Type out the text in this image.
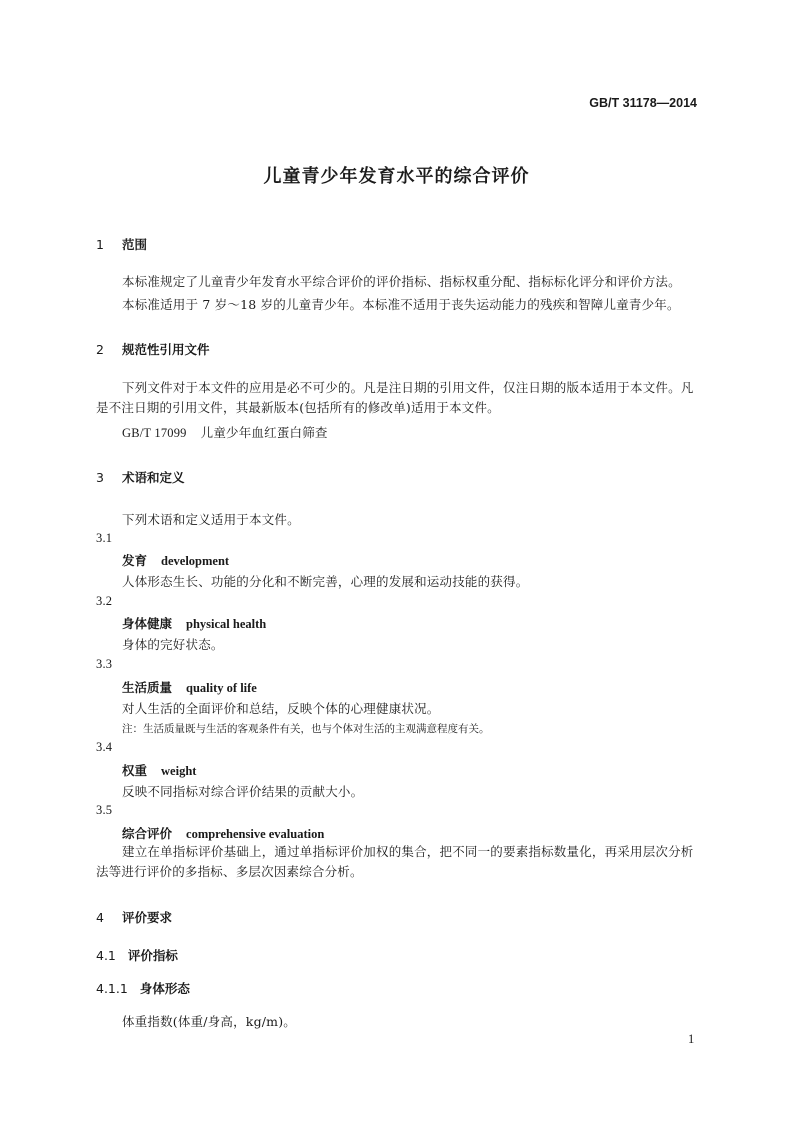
GB/T 31178—2014
儿童青少年发育水平的综合评价
1 范围
本标准规定了儿童青少年发育水平综合评价的评价指标、指标权重分配、指标标化评分和评价方法。
本标准适用于 7 岁～18 岁的儿童青少年。本标准不适用于丧失运动能力的残疾和智障儿童青少年。
2 规范性引用文件
下列文件对于本文件的应用是必不可少的。凡是注日期的引用文件，仅注日期的版本适用于本文件。凡是不注日期的引用文件，其最新版本(包括所有的修改单)适用于本文件。
GB/T 17099 儿童少年血红蛋白筛查
3 术语和定义
下列术语和定义适用于本文件。
3.1
发育 development
人体形态生长、功能的分化和不断完善，心理的发展和运动技能的获得。
3.2
身体健康 physical health
身体的完好状态。
3.3
生活质量 quality of life
对人生活的全面评价和总结，反映个体的心理健康状况。
注：生活质量既与生活的客观条件有关，也与个体对生活的主观满意程度有关。
3.4
权重 weight
反映不同指标对综合评价结果的贡献大小。
3.5
综合评价 comprehensive evaluation
建立在单指标评价基础上，通过单指标评价加权的集合，把不同一的要素指标数量化，再采用层次分析法等进行评价的多指标、多层次因素综合分析。
4 评价要求
4.1 评价指标
4.1.1 身体形态
体重指数(体重/身高，kg/m)。
1
